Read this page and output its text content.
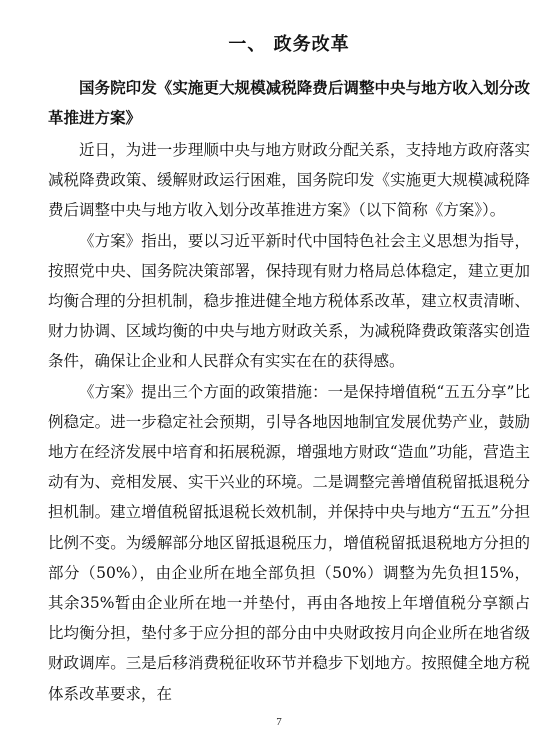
一、 政务改革

国务院印发《实施更大规模减税降费后调整中央与地方收入划分改革推进方案》

近日，为进一步理顺中央与地方财政分配关系，支持地方政府落实减税降费政策、缓解财政运行困难，国务院印发《实施更大规模减税降费后调整中央与地方收入划分改革推进方案》（以下简称《方案》）。

《方案》指出，要以习近平新时代中国特色社会主义思想为指导，按照党中央、国务院决策部署，保持现有财力格局总体稳定，建立更加均衡合理的分担机制，稳步推进健全地方税体系改革，建立权责清晰、财力协调、区域均衡的中央与地方财政关系，为减税降费政策落实创造条件，确保让企业和人民群众有实实在在的获得感。

《方案》提出三个方面的政策措施：一是保持增值税“五五分享”比例稳定。进一步稳定社会预期，引导各地因地制宜发展优势产业，鼓励地方在经济发展中培育和拓展税源，增强地方财政“造血”功能，营造主动有为、竞相发展、实干兴业的环境。二是调整完善增值税留抵退税分担机制。建立增值税留抵退税长效机制，并保持中央与地方“五五”分担比例不变。为缓解部分地区留抵退税压力，增值税留抵退税地方分担的部分（50%），由企业所在地全部负担（50%）调整为先负担15%，其余35%暂由企业所在地一并垫付，再由各地按上年增值税分享额占比均衡分担，垫付多于应分担的部分由中央财政按月向企业所在地省级财政调库。三是后移消费税征收环节并稳步下划地方。按照健全地方税体系改革要求，在

7
